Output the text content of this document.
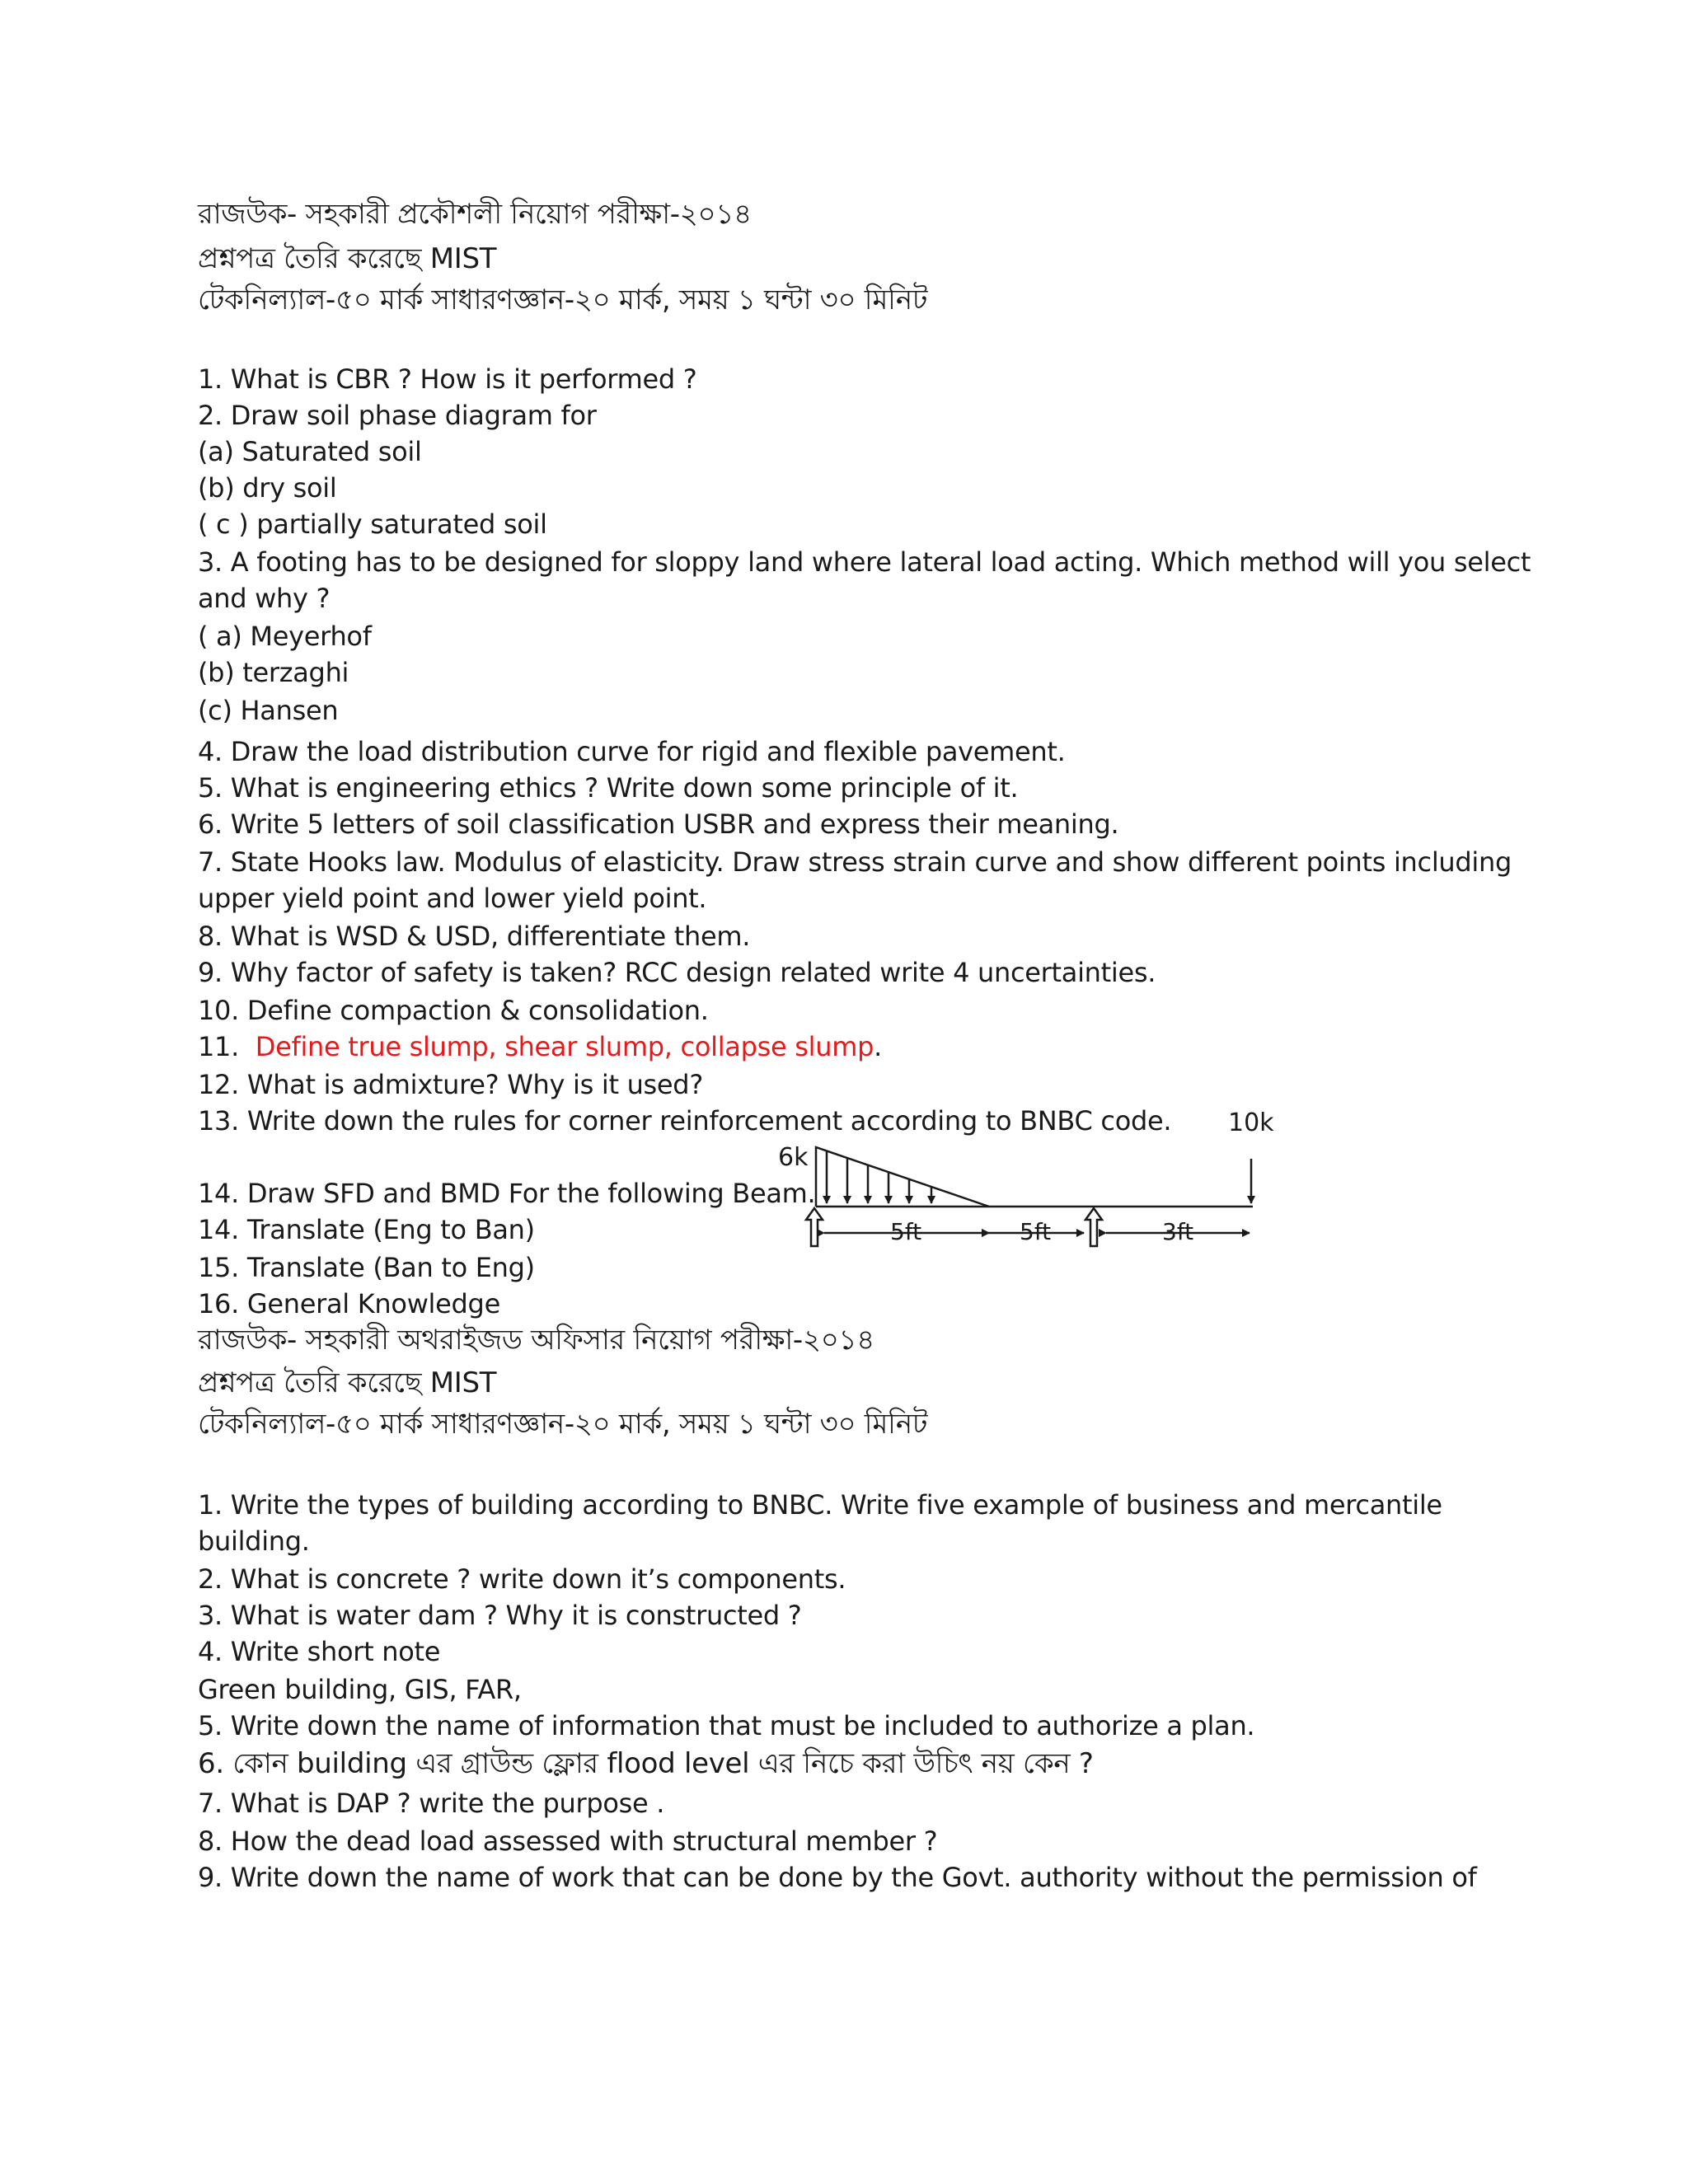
রাজউক- সহকারী প্রকৌশলী নিয়োগ পরীক্ষা-২০১৪
প্রশ্নপত্র তৈরি করেছে MIST
টেকনিল্যাল-৫০ মার্ক সাধারণজ্ঞান-২০ মার্ক, সময় ১ ঘন্টা ৩০ মিনিট
1. What is CBR ? How is it performed ?
2. Draw soil phase diagram for
(a) Saturated soil
(b) dry soil
( c ) partially saturated soil
3. A footing has to be designed for sloppy land where lateral load acting. Which method will you select
and why ?
( a) Meyerhof
(b) terzaghi
(c) Hansen
4. Draw the load distribution curve for rigid and flexible pavement.
5. What is engineering ethics ? Write down some principle of it.
6. Write 5 letters of soil classification USBR and express their meaning.
7. State Hooks law. Modulus of elasticity. Draw stress strain curve and show different points including
upper yield point and lower yield point.
8. What is WSD & USD, differentiate them.
9. Why factor of safety is taken? RCC design related write 4 uncertainties.
10. Define compaction & consolidation.
11. Define true slump, shear slump, collapse slump.
12. What is admixture? Why is it used?
13. Write down the rules for corner reinforcement according to BNBC code.
14. Draw SFD and BMD For the following Beam.
14. Translate (Eng to Ban)
15. Translate (Ban to Eng)
16. General Knowledge
রাজউক- সহকারী অথরাইজড অফিসার নিয়োগ পরীক্ষা-২০১৪
প্রশ্নপত্র তৈরি করেছে MIST
টেকনিল্যাল-৫০ মার্ক সাধারণজ্ঞান-২০ মার্ক, সময় ১ ঘন্টা ৩০ মিনিট
1. Write the types of building according to BNBC. Write five example of business and mercantile
building.
2. What is concrete ? write down it’s components.
3. What is water dam ? Why it is constructed ?
4. Write short note
Green building, GIS, FAR,
5. Write down the name of information that must be included to authorize a plan.
6. কোন building এর গ্রাউন্ড ফ্লোর flood level এর নিচে করা উচিৎ নয় কেন ?
7. What is DAP ? write the purpose .
8. How the dead load assessed with structural member ?
9. Write down the name of work that can be done by the Govt. authority without the permission of
6k
10k
5ft	5ft	3ft
